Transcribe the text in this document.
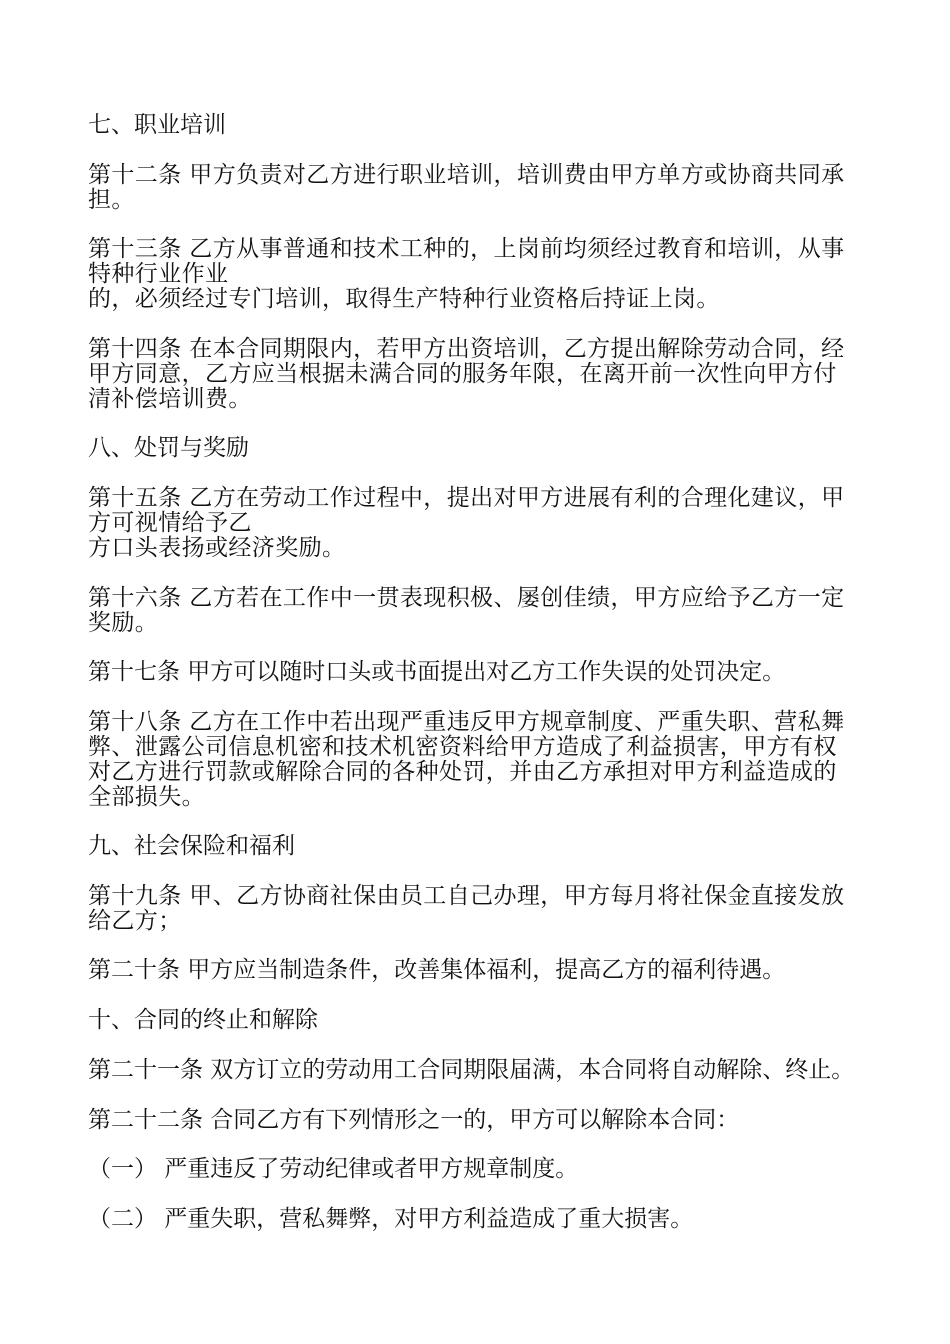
七、职业培训

第十二条 甲方负责对乙方进行职业培训，培训费由甲方单方或协商共同承
担。

第十三条 乙方从事普通和技术工种的，上岗前均须经过教育和培训，从事
特种行业作业
的，必须经过专门培训，取得生产特种行业资格后持证上岗。

第十四条 在本合同期限内，若甲方出资培训，乙方提出解除劳动合同，经
甲方同意，乙方应当根据未满合同的服务年限，在离开前一次性向甲方付
清补偿培训费。

八、处罚与奖励

第十五条 乙方在劳动工作过程中，提出对甲方进展有利的合理化建议，甲
方可视情给予乙
方口头表扬或经济奖励。

第十六条 乙方若在工作中一贯表现积极、屡创佳绩，甲方应给予乙方一定
奖励。

第十七条 甲方可以随时口头或书面提出对乙方工作失误的处罚决定。

第十八条 乙方在工作中若出现严重违反甲方规章制度、严重失职、营私舞
弊、泄露公司信息机密和技术机密资料给甲方造成了利益损害，甲方有权
对乙方进行罚款或解除合同的各种处罚，并由乙方承担对甲方利益造成的
全部损失。

九、社会保险和福利

第十九条 甲、乙方协商社保由员工自己办理，甲方每月将社保金直接发放
给乙方；

第二十条 甲方应当制造条件，改善集体福利，提高乙方的福利待遇。

十、合同的终止和解除

第二十一条 双方订立的劳动用工合同期限届满，本合同将自动解除、终止。

第二十二条 合同乙方有下列情形之一的，甲方可以解除本合同：

（一） 严重违反了劳动纪律或者甲方规章制度。

（二） 严重失职，营私舞弊，对甲方利益造成了重大损害。
